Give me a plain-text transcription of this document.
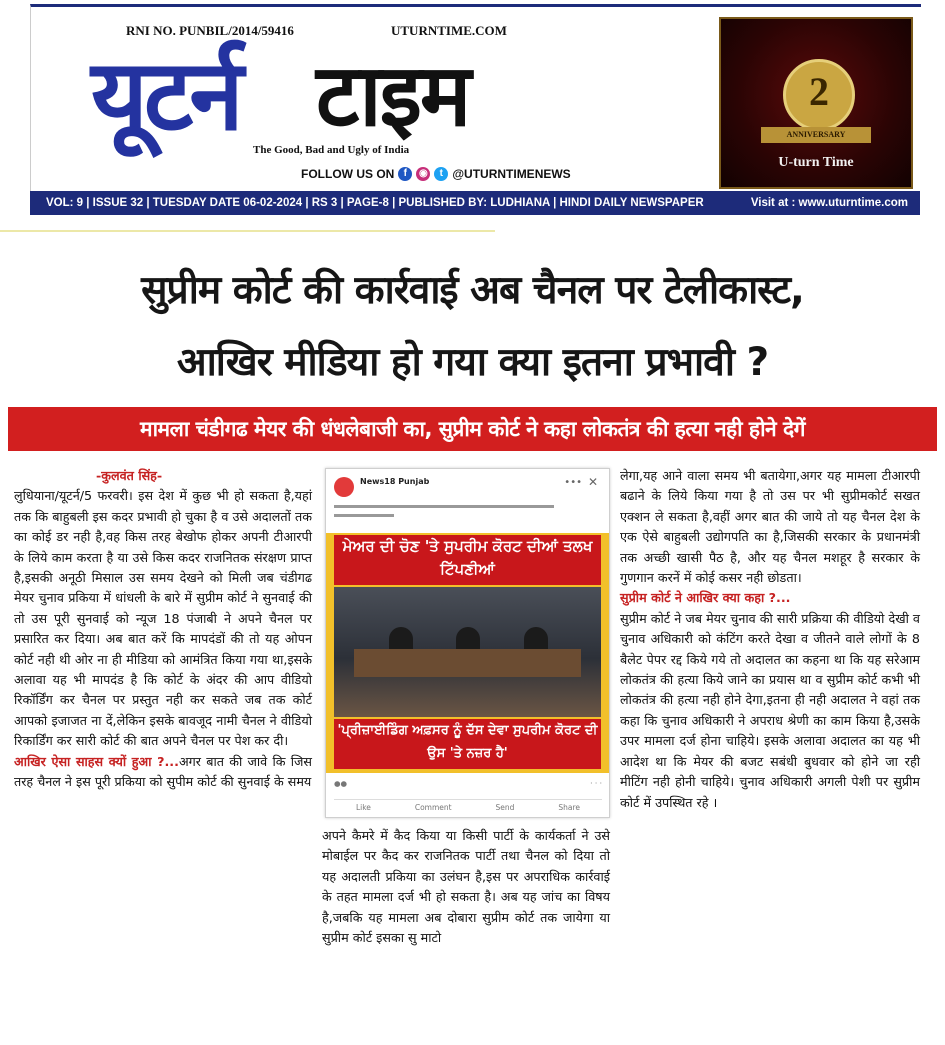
RNI NO. PUNBIL/2014/59416	UTURNTIME.COM
यूटर्न टाइम
The Good, Bad and Ugly of India
FOLLOW US ON f	◉	t @UTURNTIMENEWS
2
ANNIVERSARY
U-turn Time
VOL: 9 | ISSUE 32 | TUESDAY DATE 06-02-2024 | RS 3 | PAGE-8 | PUBLISHED BY: LUDHIANA | HINDI DAILY NEWSPAPER	Visit at : www.uturntime.com
सुप्रीम कोर्ट की कार्रवाई अब चैनल पर टेलीकास्ट,
आखिर मीडिया हो गया क्या इतना प्रभावी ?
मामला चंडीगढ मेयर की धंधलेबाजी का, सुप्रीम कोर्ट ने कहा लोकतंत्र की हत्या नही होने देगें
-कुलवंत सिंह-
लुधियाना/यूटर्न/5 फरवरी। इस देश में कुछ भी हो सकता है,यहां तक कि बाहुबली इस कदर प्रभावी हो चुका है व उसे अदालतों तक का कोई डर नही है,वह किस तरह बेखोफ होकर अपनी टीआरपी के लिये काम करता है या उसे किस कदर राजनितक संरक्षण प्राप्त है,इसकी अनूठी मिसाल उस समय देखने को मिली जब चंडीगढ मेयर चुनाव प्रकिया में धांधली के बारे में सुप्रीम कोर्ट ने सुनवाई की तो उस पूरी सुनवाई को न्यूज 18 पंजाबी ने अपने चैनल पर प्रसारित कर दिया। अब बात करें कि मापदंडों की तो यह ओपन कोर्ट नही थी ओर ना ही मीडिया को आमंत्रित किया गया था,इसके अलावा यह भी मापदंड है कि कोर्ट के अंदर की आप वीडियो रिकॉर्डिंग कर चैनल पर प्रस्तुत नही कर सकते जब तक कोर्ट आपको इजाजत ना दें,लेकिन इसके बावजूद नामी चैनल ने वीडियो रिकार्डिंग कर सारी कोर्ट की बात अपने चैनल पर पेश कर दी।
आखिर ऐसा साहस क्यों हुआ ?...अगर बात की जावे कि जिस तरह चैनल ने इस पूरी प्रकिया को सुपीम कोर्ट की सुनवाई के समय
News18 Punjab	••• ✕
ਮੇਅਰ ਦੀ ਚੋਣ 'ਤੇ ਸੁਪਰੀਮ ਕੋਰਟ ਦੀਆਂ ਤਲਖ ਟਿੱਪਣੀਆਂ
'ਪ੍ਰੀਜ਼ਾਈਡਿੰਗ ਅਫ਼ਸਰ ਨੂੰ ਦੱਸ ਦੇਵਾ ਸੁਪਰੀਮ ਕੋਰਟ ਦੀ ਉਸ 'ਤੇ ਨਜ਼ਰ ਹੈ'
●●	· · ·
Like	Comment	Send	Share
अपने कैमरे में कैद किया या किसी पार्टी के कार्यकर्ता ने उसे मोबाईल पर कैद कर राजनितक पार्टी तथा चैनल को दिया तो यह अदालती प्रकिया का उलंघन है,इस पर अपराधिक कार्रवाई के तहत मामला दर्ज भी हो सकता है। अब यह जांच का विषय है,जबकि यह मामला अब दोबारा सुप्रीम कोर्ट तक जायेगा या सुप्रीम कोर्ट इसका सु माटो
लेगा,यह आने वाला समय भी बतायेगा,अगर यह मामला टीआरपी बढाने के लिये किया गया है तो उस पर भी सुप्रीमकोर्ट सखत एक्शन ले सकता है,वहीं अगर बात की जाये तो यह चैनल देश के एक ऐसे बाहुबली उद्योगपति का है,जिसकी सरकार के प्रधानमंत्री तक अच्छी खासी पैठ है, और यह चैनल मशहूर है सरकार के गुणगान करनें में कोई कसर नही छोडता।
सुप्रीम कोर्ट ने आखिर क्या कहा ?...
सुप्रीम कोर्ट ने जब मेयर चुनाव की सारी प्रक्रिया की वीडियो देखी व चुनाव अधिकारी को कंटिंग करते देखा व जीतने वाले लोगों के 8 बैलेट पेपर रद्द किये गये तो अदालत का कहना था कि यह सरेआम लोकतंत्र की हत्या किये जाने का प्रयास था व सुप्रीम कोर्ट कभी भी लोकतंत्र की हत्या नही होने देगा,इतना ही नही अदालत ने वहां तक कहा कि चुनाव अधिकारी ने अपराध श्रेणी का काम किया है,उसके उपर मामला दर्ज होना चाहिये। इसके अलावा अदालत का यह भी आदेश था कि मेयर की बजट सबंधी बुधवार को होने जा रही मीटिंग नही होनी चाहिये। चुनाव अधिकारी अगली पेशी पर सुप्रीम कोर्ट में उपस्थित रहे ।
